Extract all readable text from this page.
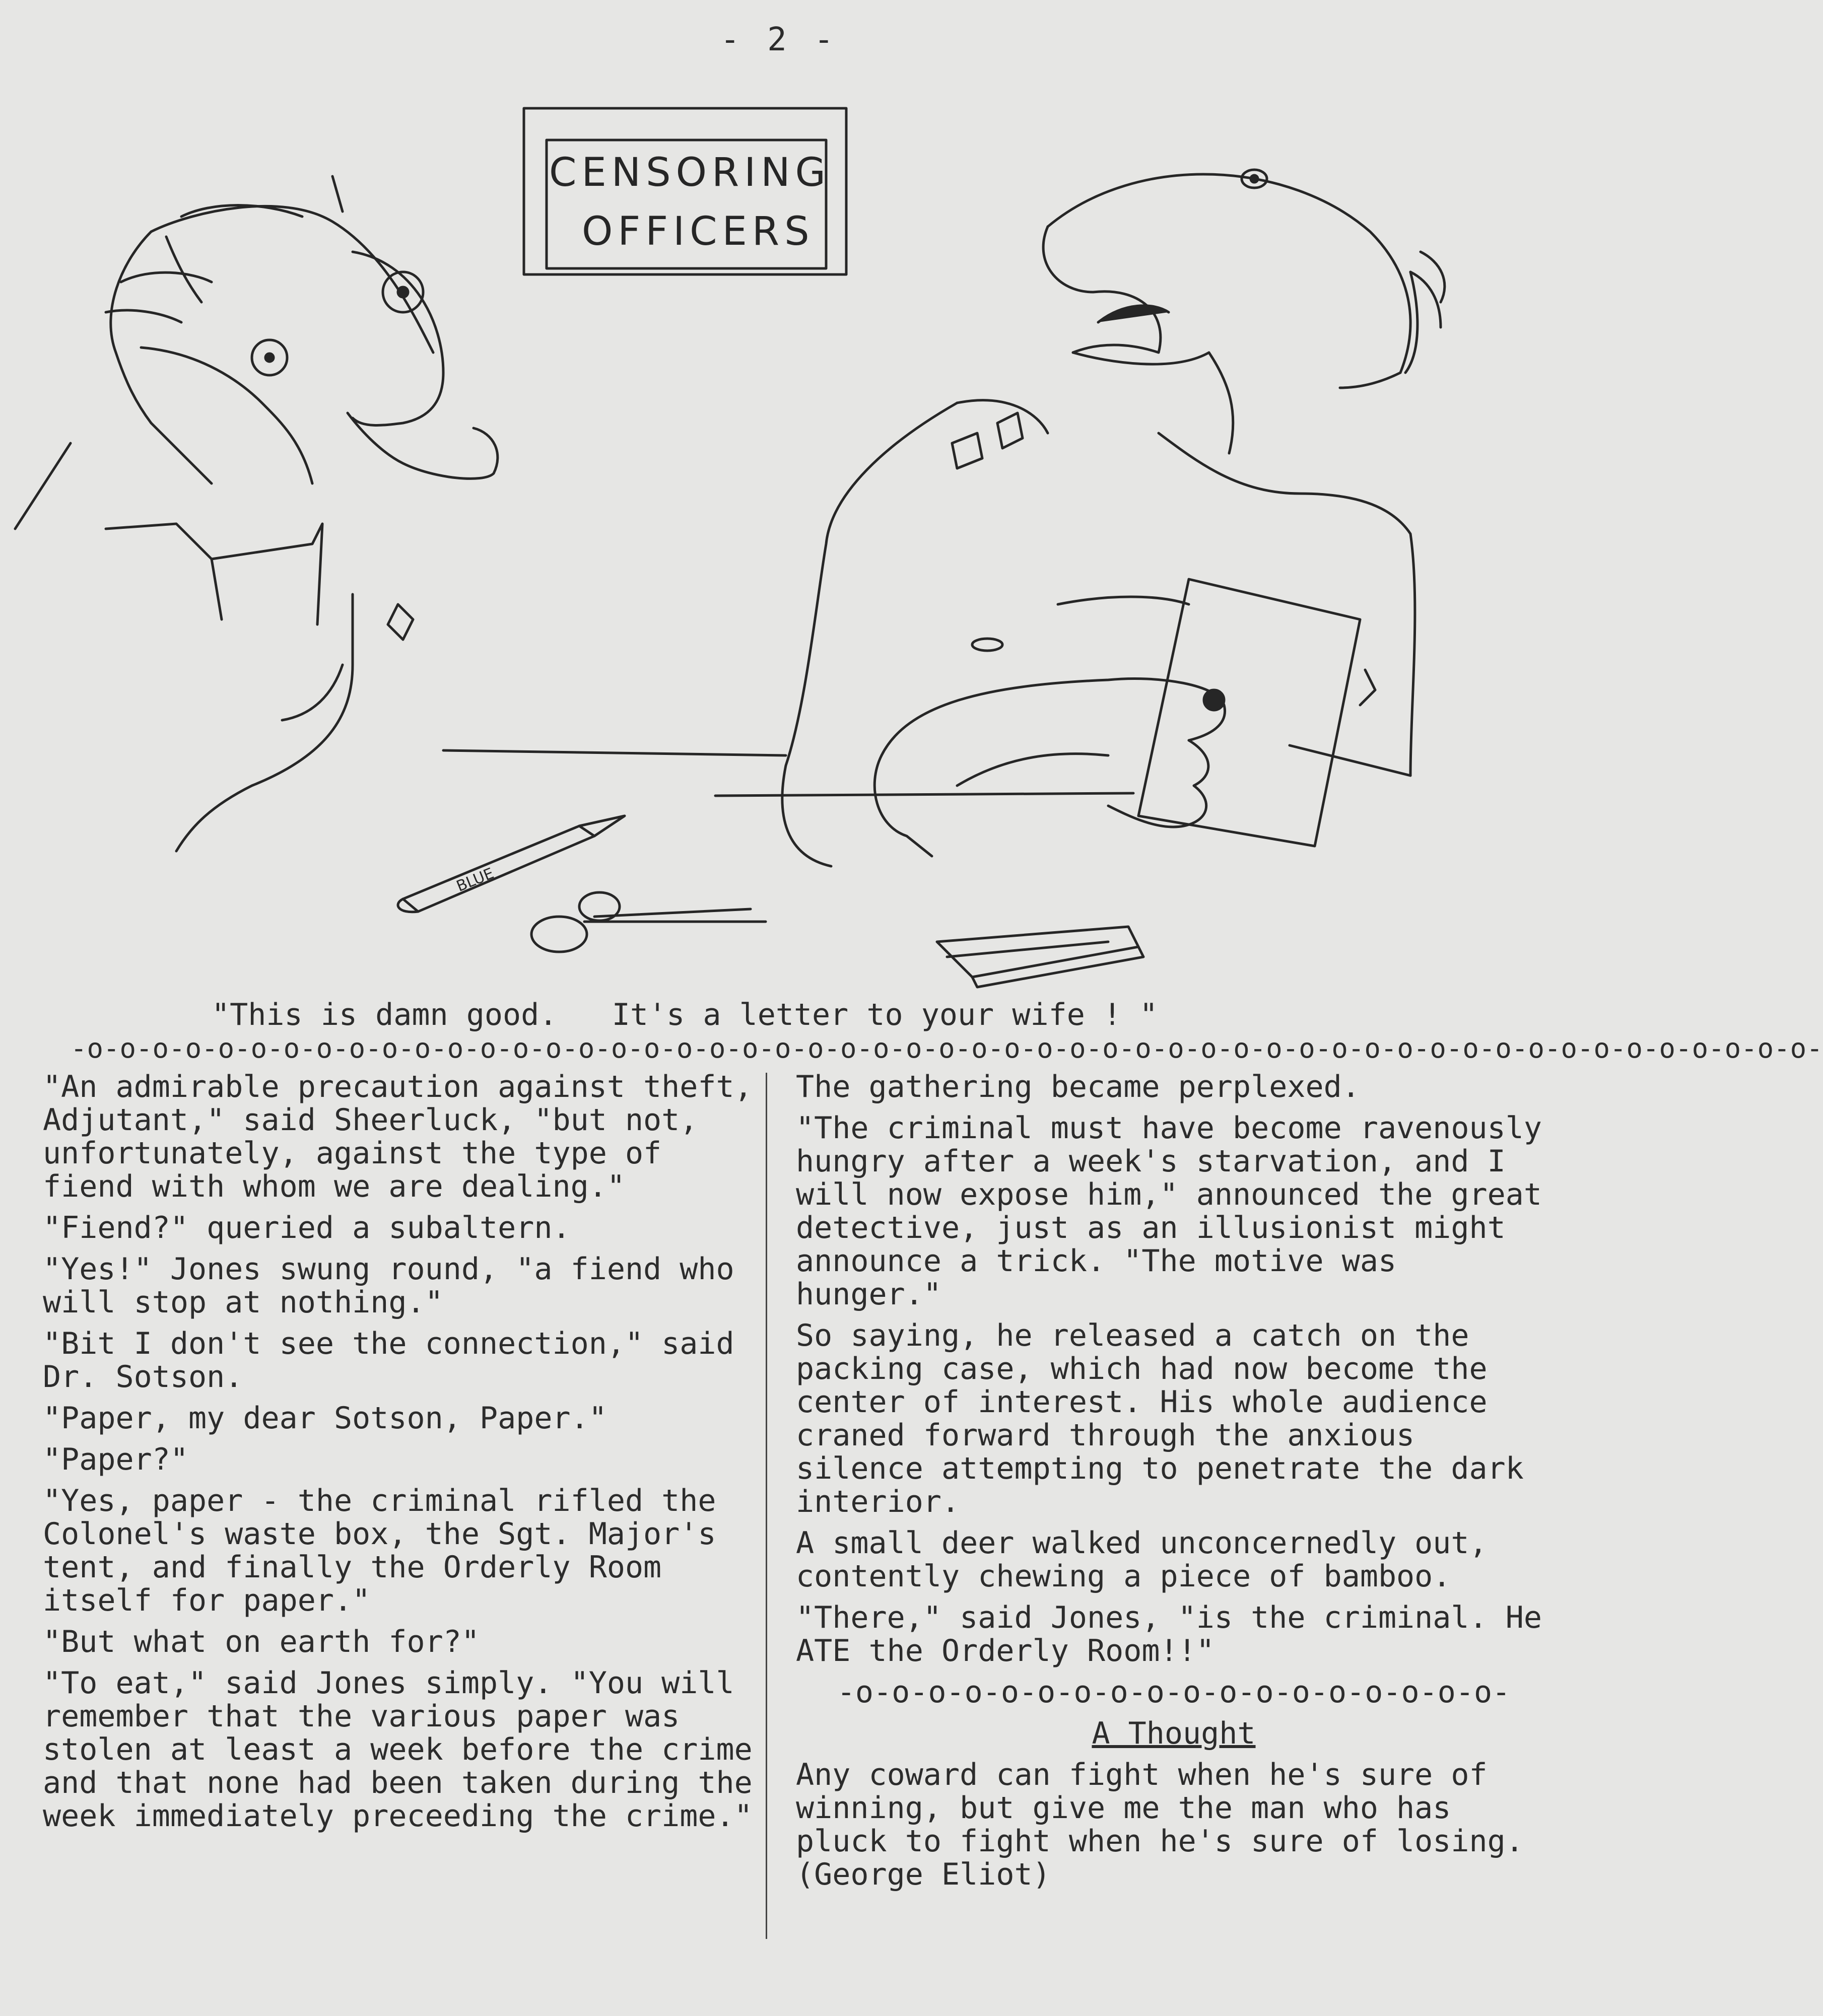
- 2 -
CENSORING
OFFICERS
BLUE
"This is damn good.   It's a letter to your wife ! "
-o-o-o-o-o-o-o-o-o-o-o-o-o-o-o-o-o-o-o-o-o-o-o-o-o-o-o-o-o-o-o-o-o-o-o-o-o-o-o-o-o-o-o-o-o-o-o-o-o-o-o-o-o-

"An admirable precaution against theft, Adjutant," said Sheerluck, "but not, unfortunately, against the type of fiend with whom we are dealing."

"Fiend?" queried a subaltern.

"Yes!" Jones swung round, "a fiend who will stop at nothing."

"Bit I don't see the connection," said Dr. Sotson.

"Paper, my dear Sotson, Paper."

"Paper?"

"Yes, paper - the criminal rifled the Colonel's waste box, the Sgt. Major's tent, and finally the Orderly Room itself for paper."

"But what on earth for?"

"To eat," said Jones simply. "You will remember that the various paper was stolen at least a week before the crime and that none had been taken during the week immediately preceeding the crime."

The gathering became perplexed.

"The criminal must have become ravenously hungry after a week's starvation, and I will now expose him," announced the great detective, just as an illusionist might announce a trick. "The motive was hunger."

So saying, he released a catch on the packing case, which had now become the center of interest. His whole audience craned forward through the anxious silence attempting to penetrate the dark interior.

A small deer walked unconcernedly out, contently chewing a piece of bamboo.

"There," said Jones, "is the criminal. He ATE the Orderly Room!!"

-o-o-o-o-o-o-o-o-o-o-o-o-o-o-o-o-o-o-

A Thought

Any coward can fight when he's sure of winning, but give me the man who has pluck to fight when he's sure of losing. (George Eliot)
